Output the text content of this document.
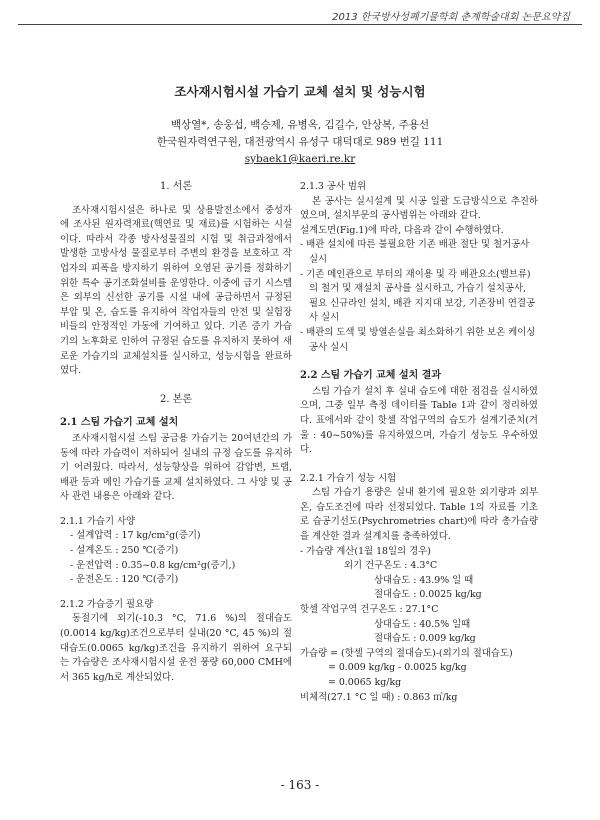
2013 한국방사성폐기물학회 춘계학술대회 논문요약집
조사재시험시설 가습기 교체 설치 및 성능시험
백상열*, 송웅섭, 백승제, 유병옥, 김길수, 안상복, 주용선
한국원자력연구원, 대전광역시 유성구 대덕대로 989 번길 111
sybaek1@kaeri.re.kr

1. 서론

조사재시험시설은 하나로 및 상용발전소에서 중성자에 조사된 원자력재료(핵연료 및 재료)를 시험하는 시설이다. 따라서 각종 방사성물질의 시험 및 취급과정에서 발생한 고방사성 물질로부터 주변의 환경을 보호하고 작업자의 피폭을 방지하기 위하여 오염된 공기를 정화하기 위한 특수 공기조화설비를 운영한다. 이중에 급기 시스템은 외부의 신선한 공기를 시설 내에 공급하면서 규정된 부압 및 온, 습도를 유지하여 작업자들의 안전 및 실험장비들의 안정적인 가동에 기여하고 있다. 기존 증기 가습기의 노후화로 인하여 규정된 습도를 유지하지 못하여 새로운 가습기의 교체설치를 실시하고, 성능시험을 완료하였다.

2. 본론

2.1 스팀 가습기 교체 설치

조사재시험시설 스팀 공급용 가습기는 20여년간의 가동에 따라 가습력이 저하되어 실내의 규정 습도를 유지하기 어려웠다. 따라서, 성능향상을 위하여 감압변, 트랩, 배관 등과 메인 가습기를 교체 설치하였다. 그 사양 및 공사 관련 내용은 아래와 같다.

2.1.1 가습기 사양

- 설계압력 : 17 kg/cm²g(증기)

- 설계온도 : 250 ℃(증기)

- 운전압력 : 0.35~0.8 kg/cm²g(증기,)

- 운전온도 : 120 ℃(증기)

2.1.2 가습증기 필요량

동절기에 외기(-10.3 °C, 71.6 %)의 절대습도(0.0014 kg/kg)조건으로부터 실내(20 °C, 45 %)의 절대습도(0.0065 kg/kg)조건을 유지하기 위하여 요구되는 가습량은 조사재시험시설 운전 풍량 60,000 CMH에서 365 kg/h로 계산되었다.

2.1.3 공사 범위

본 공사는 실시설계 및 시공 일괄 도급방식으로 추진하였으며, 설치부문의 공사범위는 아래와 같다.

설계도면(Fig.1)에 따라, 다음과 같이 수행하였다.

- 배관 설치에 따른 불필요한 기존 배관 절단 및 철거공사 실시

- 기존 메인관으로 부터의 재이용 및 각 배관요소(밸브류)의 철거 및 재설치 공사를 실시하고, 가습기 설치공사, 필요 신규라인 설치, 배관 지지대 보강, 기존장비 연결공사 실시

- 배관의 도색 및 방열손실을 최소화하기 위한 보온 케이싱공사 실시

2.2 스팀 가습기 교체 설치 결과

스팀 가습기 설치 후 실내 습도에 대한 점검을 실시하였으며, 그중 일부 측정 데이터를 Table 1과 같이 정리하였다. 표에서와 같이 핫셀 작업구역의 습도가 설계기준치(겨울 : 40~50%)를 유지하였으며, 가습기 성능도 우수하였다.

2.2.1 가습기 성능 시험

스팀 가습기 용량은 실내 환기에 필요한 외기량과 외부 온, 습도조건에 따라 선정되었다. Table 1의 자료를 기초로 습공기선도(Psychrometries chart)에 따라 총가습량을 계산한 결과 설계치를 충족하였다.

- 가습량 계산(1월 18일의 경우)

외기 건구온도 : 4.3°C

상대습도 : 43.9% 일 때

절대습도 : 0.0025 kg/kg

핫셀 작업구역 건구온도 : 27.1°C

상대습도 : 40.5% 일때

절대습도 : 0.009 kg/kg

가습량 = (핫셀 구역의 절대습도)-(외기의 절대습도)

= 0.009 kg/kg - 0.0025 kg/kg

= 0.0065 kg/kg

비체적(27.1 °C 일 때) : 0.863 ㎥/kg

- 163 -
